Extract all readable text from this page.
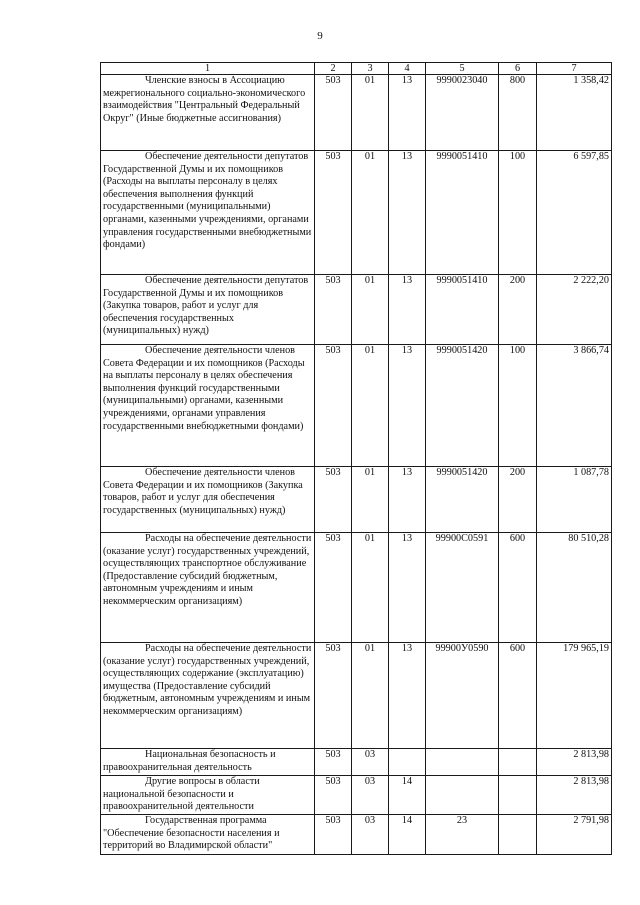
9
1	2	3	4	5	6	7
Членские взносы в Ассоциацию межрегионального социально-экономического взаимодействия "Центральный Федеральный Округ" (Иные бюджетные ассигнования)	503	01	13	9990023040	800	1 358,42
Обеспечение деятельности депутатов Государственной Думы и их помощников (Расходы на выплаты персоналу в целях обеспечения выполнения функций государственными (муниципальными) органами, казенными учреждениями, органами управления государственными внебюджетными фондами)	503	01	13	9990051410	100	6 597,85
Обеспечение деятельности депутатов Государственной Думы и их помощников (Закупка товаров, работ и услуг для обеспечения государственных (муниципальных) нужд)	503	01	13	9990051410	200	2 222,20
Обеспечение деятельности членов Совета Федерации и их помощников (Расходы на выплаты персоналу в целях обеспечения выполнения функций государственными (муниципальными) органами, казенными учреждениями, органами управления государственными внебюджетными фондами)	503	01	13	9990051420	100	3 866,74
Обеспечение деятельности членов Совета Федерации и их помощников (Закупка товаров, работ и услуг для обеспечения государственных (муниципальных) нужд)	503	01	13	9990051420	200	1 087,78
Расходы на обеспечение деятельности (оказание услуг) государственных учреждений, осуществляющих транспортное обслуживание (Предоставление субсидий бюджетным, автономным учреждениям и иным некоммерческим организациям)	503	01	13	99900С0591	600	80 510,28
Расходы на обеспечение деятельности (оказание услуг) государственных учреждений, осуществляющих содержание (эксплуатацию) имущества (Предоставление субсидий бюджетным, автономным учреждениям и иным некоммерческим организациям)	503	01	13	99900У0590	600	179 965,19
Национальная безопасность и правоохранительная деятельность	503	03				2 813,98
Другие вопросы в области национальной безопасности и правоохранительной деятельности	503	03	14			2 813,98
Государственная программа "Обеспечение безопасности населения и территорий во Владимирской области"	503	03	14	23		2 791,98
